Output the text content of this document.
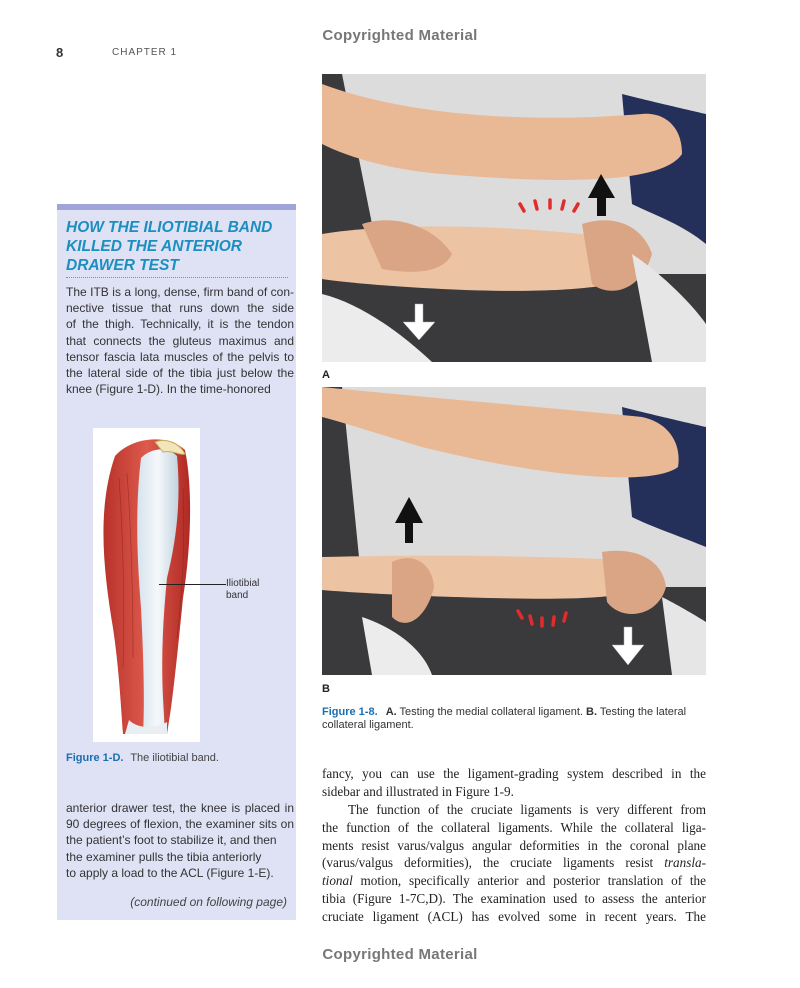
Copyrighted Material
8	CHAPTER 1
HOW THE ILIOTIBIAL BAND KILLED THE ANTERIOR DRAWER TEST
The ITB is a long, dense, firm band of con-
nective tissue that runs down the side
of the thigh. Technically, it is the tendon
that connects the gluteus maximus and
tensor fascia lata muscles of the pelvis to
the lateral side of the tibia just below the
knee (Figure 1-D). In the time-honored
Iliotibial
band
Figure 1-D. The iliotibial band.
anterior drawer test, the knee is placed in
90 degrees of flexion, the examiner sits on
the patient’s foot to stabilize it, and then
the examiner pulls the tibia anteriorly
to apply a load to the ACL (Figure 1-E).
(continued on following page)
A
B
Figure 1-8. A. Testing the medial collateral ligament. B. Testing the lateral collateral ligament.
fancy, you can use the ligament-grading system described in the
sidebar and illustrated in Figure 1-9.
The function of the cruciate ligaments is very different from
the function of the collateral ligaments. While the collateral liga-
ments resist varus/valgus angular deformities in the coronal plane
(varus/valgus deformities), the cruciate ligaments resist transla-
tional motion, specifically anterior and posterior translation of the
tibia (Figure 1-7C,D). The examination used to assess the anterior
cruciate ligament (ACL) has evolved some in recent years. The
Copyrighted Material
